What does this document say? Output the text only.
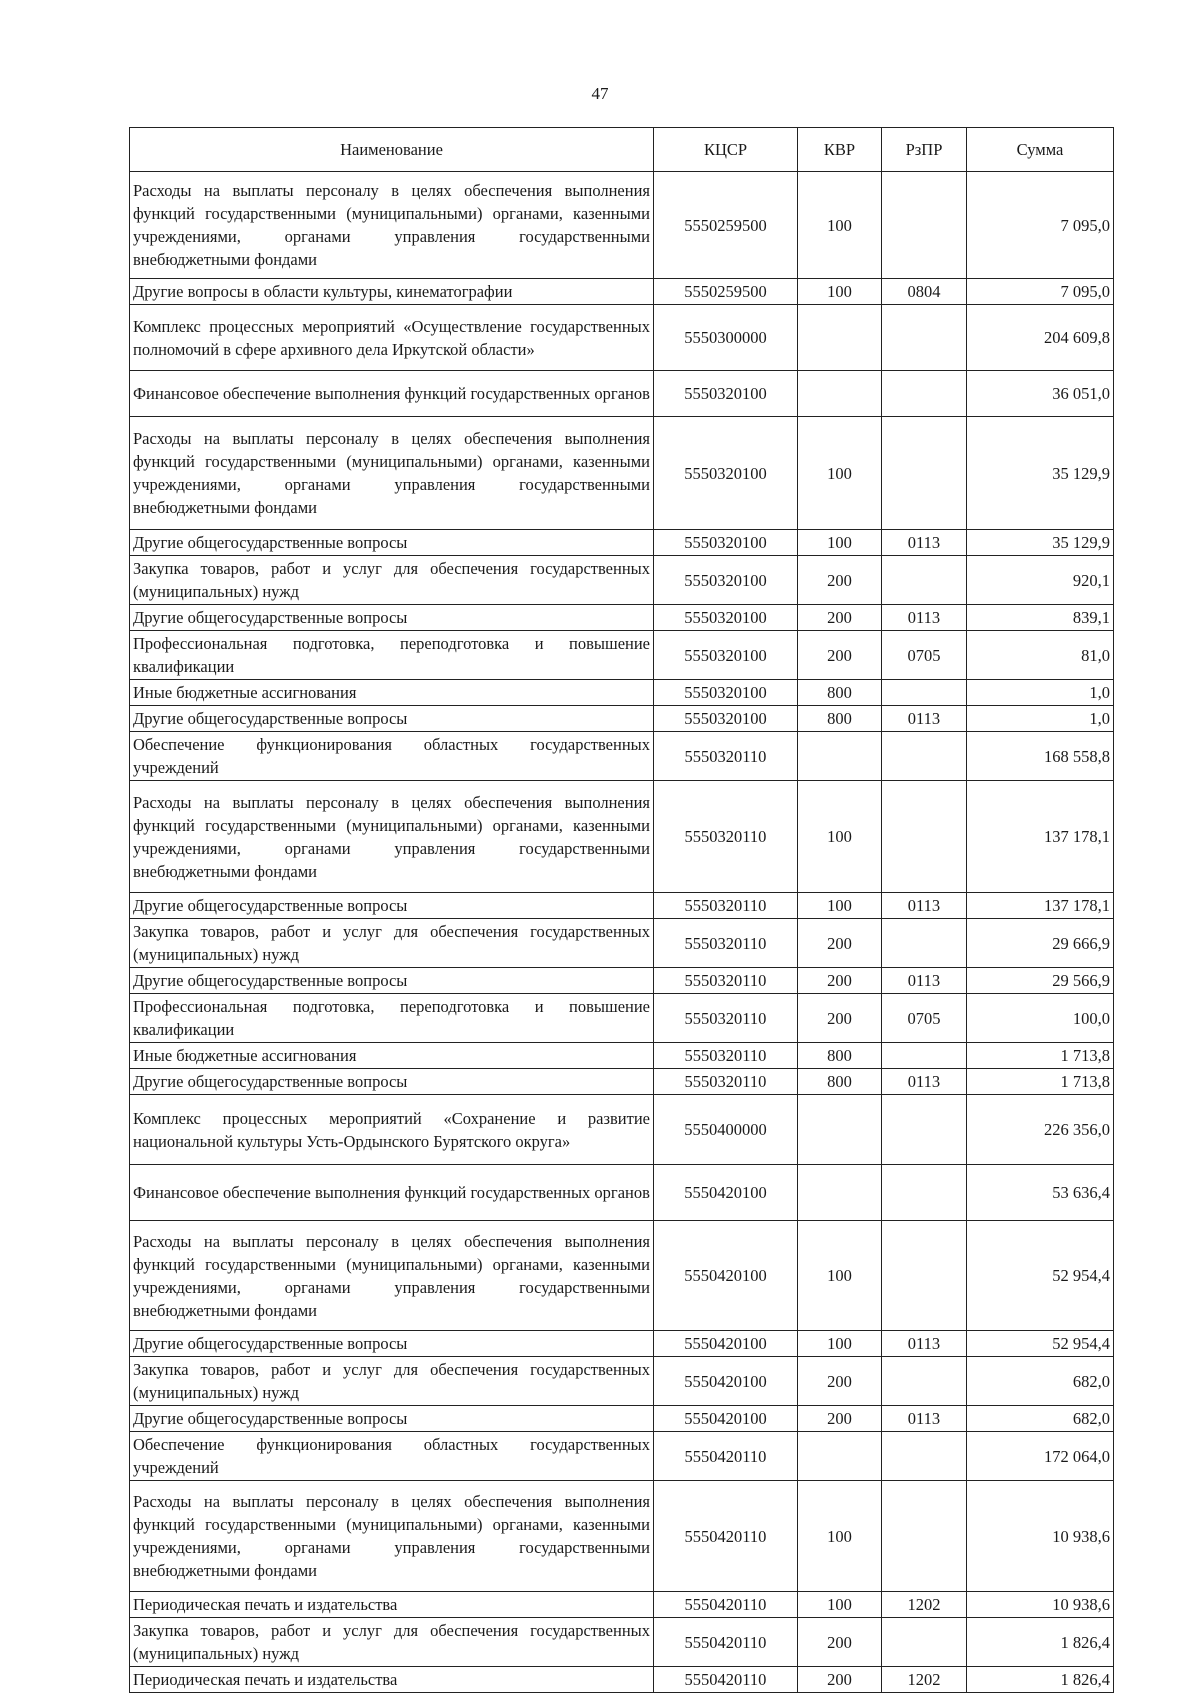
47
Наименование	КЦСР	КВР	РзПР	Сумма
Расходы на выплаты персоналу в целях обеспечения выполнения функций государственными (муниципальными) органами, казенными учреждениями, органами управления государственными внебюджетными фондами	5550259500	100		7 095,0
Другие вопросы в области культуры, кинематографии	5550259500	100	0804	7 095,0
Комплекс процессных мероприятий «Осуществление государственных полномочий в сфере архивного дела Иркутской области»	5550300000			204 609,8
Финансовое обеспечение выполнения функций государственных органов	5550320100			36 051,0
Расходы на выплаты персоналу в целях обеспечения выполнения функций государственными (муниципальными) органами, казенными учреждениями, органами управления государственными внебюджетными фондами	5550320100	100		35 129,9
Другие общегосударственные вопросы	5550320100	100	0113	35 129,9
Закупка товаров, работ и услуг для обеспечения государственных (муниципальных) нужд	5550320100	200		920,1
Другие общегосударственные вопросы	5550320100	200	0113	839,1
Профессиональная подготовка, переподготовка и повышение квалификации	5550320100	200	0705	81,0
Иные бюджетные ассигнования	5550320100	800		1,0
Другие общегосударственные вопросы	5550320100	800	0113	1,0
Обеспечение функционирования областных государственных учреждений	5550320110			168 558,8
Расходы на выплаты персоналу в целях обеспечения выполнения функций государственными (муниципальными) органами, казенными учреждениями, органами управления государственными внебюджетными фондами	5550320110	100		137 178,1
Другие общегосударственные вопросы	5550320110	100	0113	137 178,1
Закупка товаров, работ и услуг для обеспечения государственных (муниципальных) нужд	5550320110	200		29 666,9
Другие общегосударственные вопросы	5550320110	200	0113	29 566,9
Профессиональная подготовка, переподготовка и повышение квалификации	5550320110	200	0705	100,0
Иные бюджетные ассигнования	5550320110	800		1 713,8
Другие общегосударственные вопросы	5550320110	800	0113	1 713,8
Комплекс процессных мероприятий «Сохранение и развитие национальной культуры Усть-Ордынского Бурятского округа»	5550400000			226 356,0
Финансовое обеспечение выполнения функций государственных органов	5550420100			53 636,4
Расходы на выплаты персоналу в целях обеспечения выполнения функций государственными (муниципальными) органами, казенными учреждениями, органами управления государственными внебюджетными фондами	5550420100	100		52 954,4
Другие общегосударственные вопросы	5550420100	100	0113	52 954,4
Закупка товаров, работ и услуг для обеспечения государственных (муниципальных) нужд	5550420100	200		682,0
Другие общегосударственные вопросы	5550420100	200	0113	682,0
Обеспечение функционирования областных государственных учреждений	5550420110			172 064,0
Расходы на выплаты персоналу в целях обеспечения выполнения функций государственными (муниципальными) органами, казенными учреждениями, органами управления государственными внебюджетными фондами	5550420110	100		10 938,6
Периодическая печать и издательства	5550420110	100	1202	10 938,6
Закупка товаров, работ и услуг для обеспечения государственных (муниципальных) нужд	5550420110	200		1 826,4
Периодическая печать и издательства	5550420110	200	1202	1 826,4
